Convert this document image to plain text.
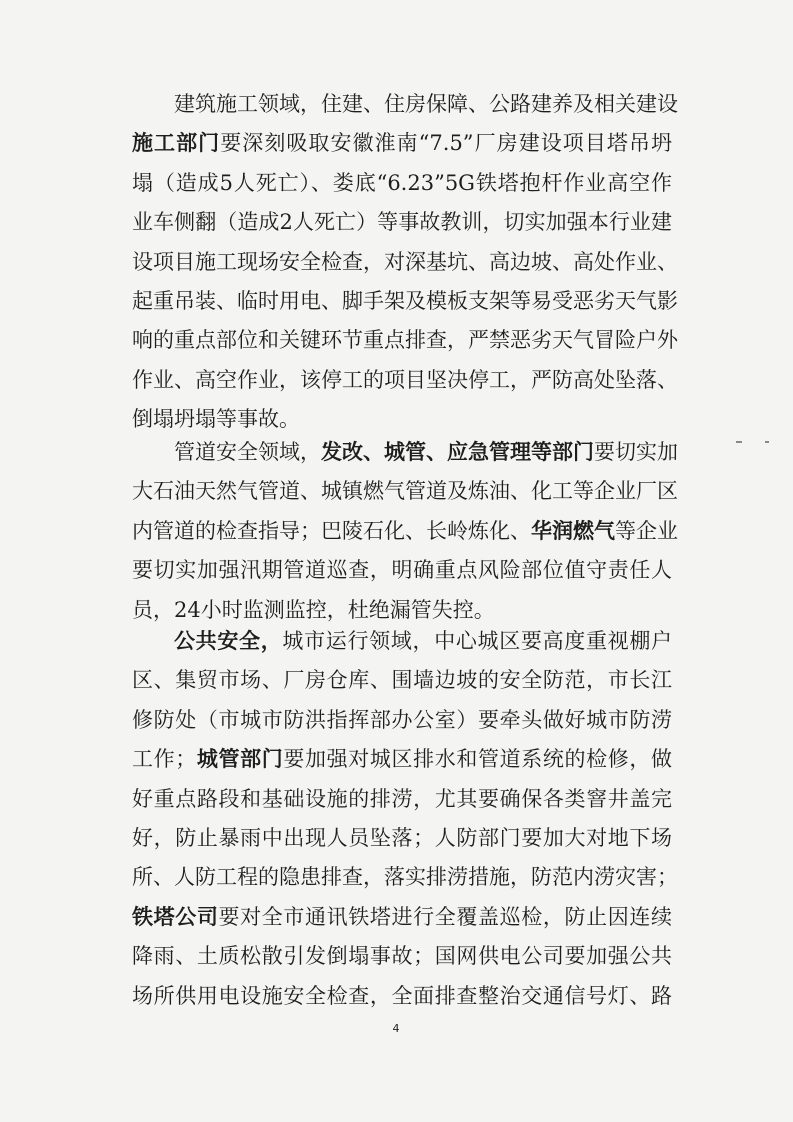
建筑施工领域，住建、住房保障、公路建养及相关建设
施工部门要深刻吸取安徽淮南“7.5”厂房建设项目塔吊坍
塌（造成5人死亡）、娄底“6.23”5G铁塔抱杆作业高空作
业车侧翻（造成2人死亡）等事故教训，切实加强本行业建
设项目施工现场安全检查，对深基坑、高边坡、高处作业、
起重吊装、临时用电、脚手架及模板支架等易受恶劣天气影
响的重点部位和关键环节重点排查，严禁恶劣天气冒险户外
作业、高空作业，该停工的项目坚决停工，严防高处坠落、
倒塌坍塌等事故。
管道安全领域，发改、城管、应急管理等部门要切实加
大石油天然气管道、城镇燃气管道及炼油、化工等企业厂区
内管道的检查指导；巴陵石化、长岭炼化、华润燃气等企业
要切实加强汛期管道巡查，明确重点风险部位值守责任人
员，24小时监测监控，杜绝漏管失控。
公共安全，城市运行领域，中心城区要高度重视棚户
区、集贸市场、厂房仓库、围墙边坡的安全防范，市长江
修防处（市城市防洪指挥部办公室）要牵头做好城市防涝
工作；城管部门要加强对城区排水和管道系统的检修，做
好重点路段和基础设施的排涝，尤其要确保各类窨井盖完
好，防止暴雨中出现人员坠落；人防部门要加大对地下场
所、人防工程的隐患排查，落实排涝措施，防范内涝灾害；
铁塔公司要对全市通讯铁塔进行全覆盖巡检，防止因连续
降雨、土质松散引发倒塌事故；国网供电公司要加强公共
场所供用电设施安全检查，全面排查整治交通信号灯、路
4
